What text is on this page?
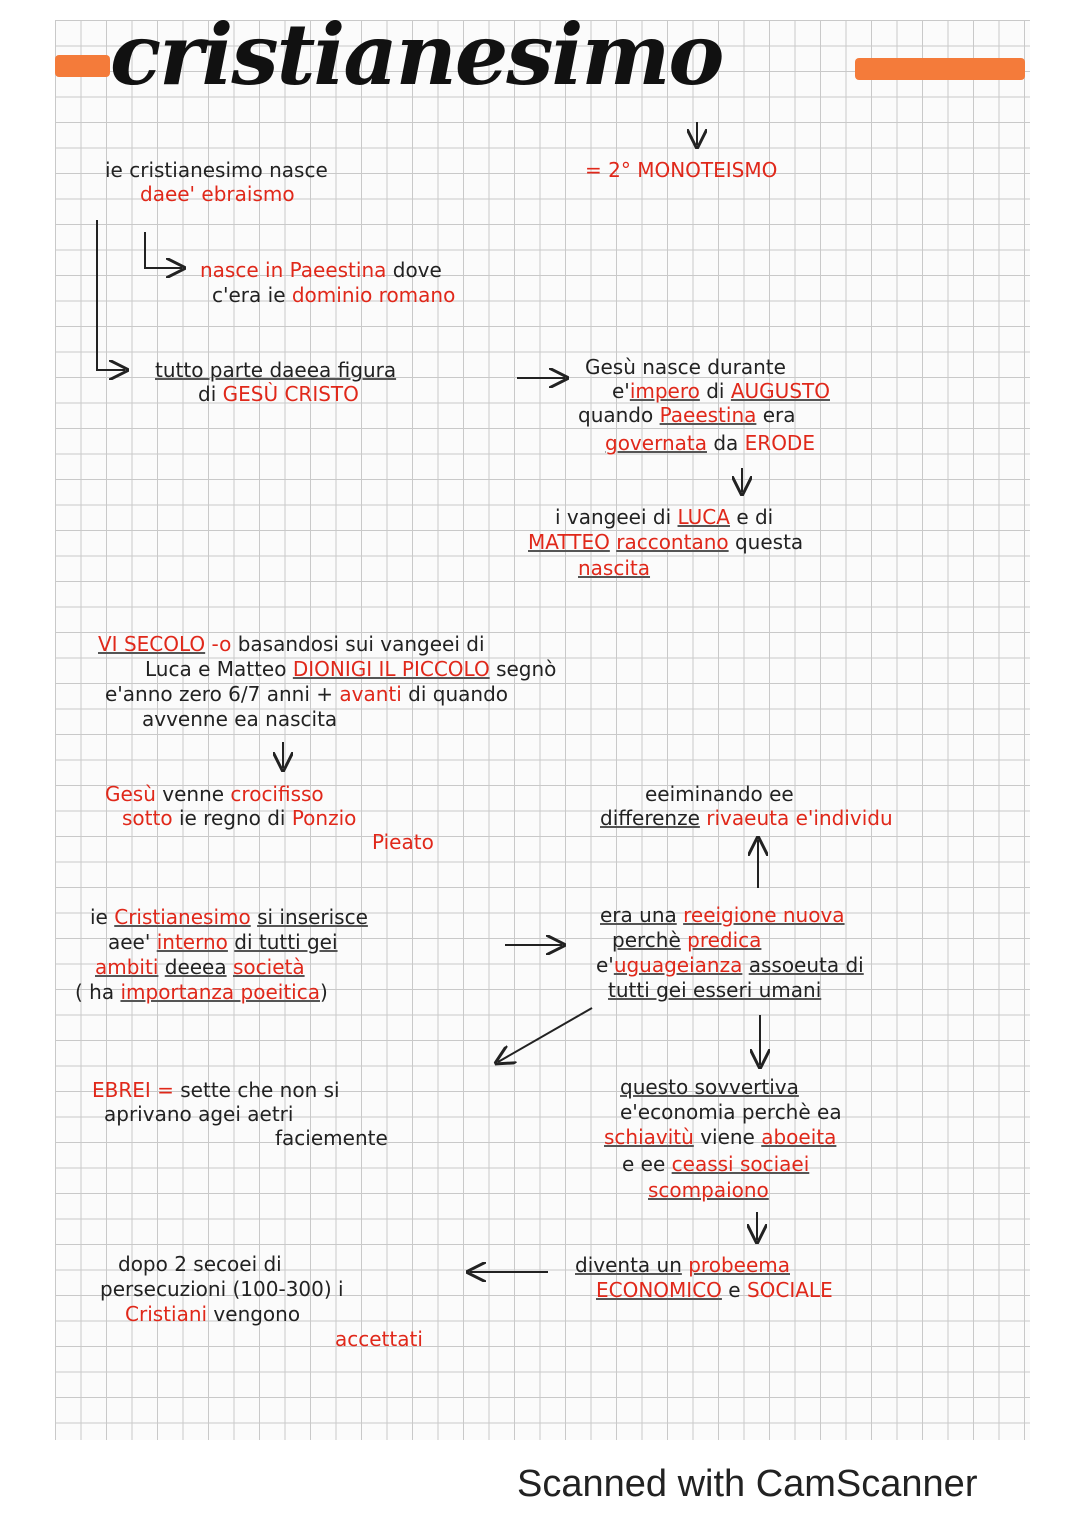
cristianesimo
ie cristianesimo nasce
daee' ebraismo
= 2° MONOTEISMO
nasce in Paeestina dove
c'era ie dominio romano
tutto parte daeea figura
di GESÙ CRISTO
Gesù nasce durante
e'impero di AUGUSTO
quando Paeestina era
governata da ERODE
i vangeei di LUCA e di
MATTEO raccontano questa
nascita
VI SECOLO -o basandosi sui vangeei di
Luca e Matteo DIONIGI IL PICCOLO segnò
e'anno zero 6/7 anni + avanti di quando
avvenne ea nascita
Gesù venne crocifisso
sotto ie regno di Ponzio
Pieato
eeiminando ee
differenze rivaeuta e'individu
ie Cristianesimo si inserisce
aee' interno di tutti gei
ambiti deeea società
( ha importanza poeitica)
era una reeigione nuova
perchè predica
e'uguageianza assoeuta di
tutti gei esseri umani
EBREI = sette che non si
aprivano agei aetri
faciemente
questo sovvertiva
e'economia perchè ea
schiavitù viene aboeita
e ee ceassi sociaei
scompaiono
diventa un probeema
ECONOMICO e SOCIALE
dopo 2 secoei di
persecuzioni (100-300) i
Cristiani vengono
accettati
Scanned with CamScanner
